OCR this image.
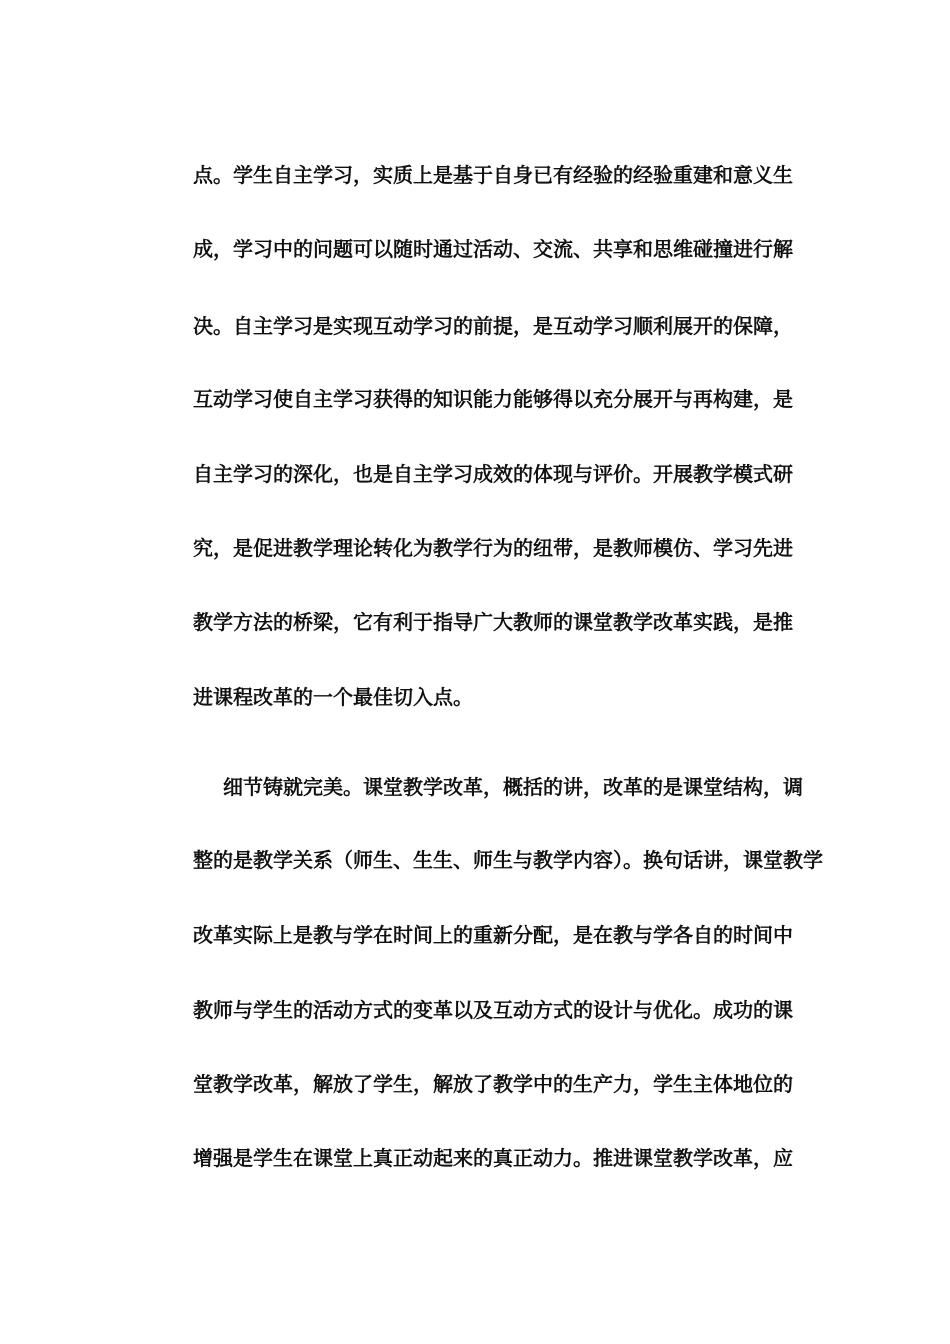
点。学生自主学习，实质上是基于自身已有经验的经验重建和意义生
成，学习中的问题可以随时通过活动、交流、共享和思维碰撞进行解
决。自主学习是实现互动学习的前提，是互动学习顺利展开的保障，
互动学习使自主学习获得的知识能力能够得以充分展开与再构建，是
自主学习的深化，也是自主学习成效的体现与评价。开展教学模式研
究，是促进教学理论转化为教学行为的纽带，是教师模仿、学习先进
教学方法的桥梁，它有利于指导广大教师的课堂教学改革实践，是推
进课程改革的一个最佳切入点。
细节铸就完美。课堂教学改革，概括的讲，改革的是课堂结构，调
整的是教学关系（师生、生生、师生与教学内容）。换句话讲，课堂教学
改革实际上是教与学在时间上的重新分配，是在教与学各自的时间中
教师与学生的活动方式的变革以及互动方式的设计与优化。成功的课
堂教学改革，解放了学生，解放了教学中的生产力，学生主体地位的
增强是学生在课堂上真正动起来的真正动力。推进课堂教学改革，应
